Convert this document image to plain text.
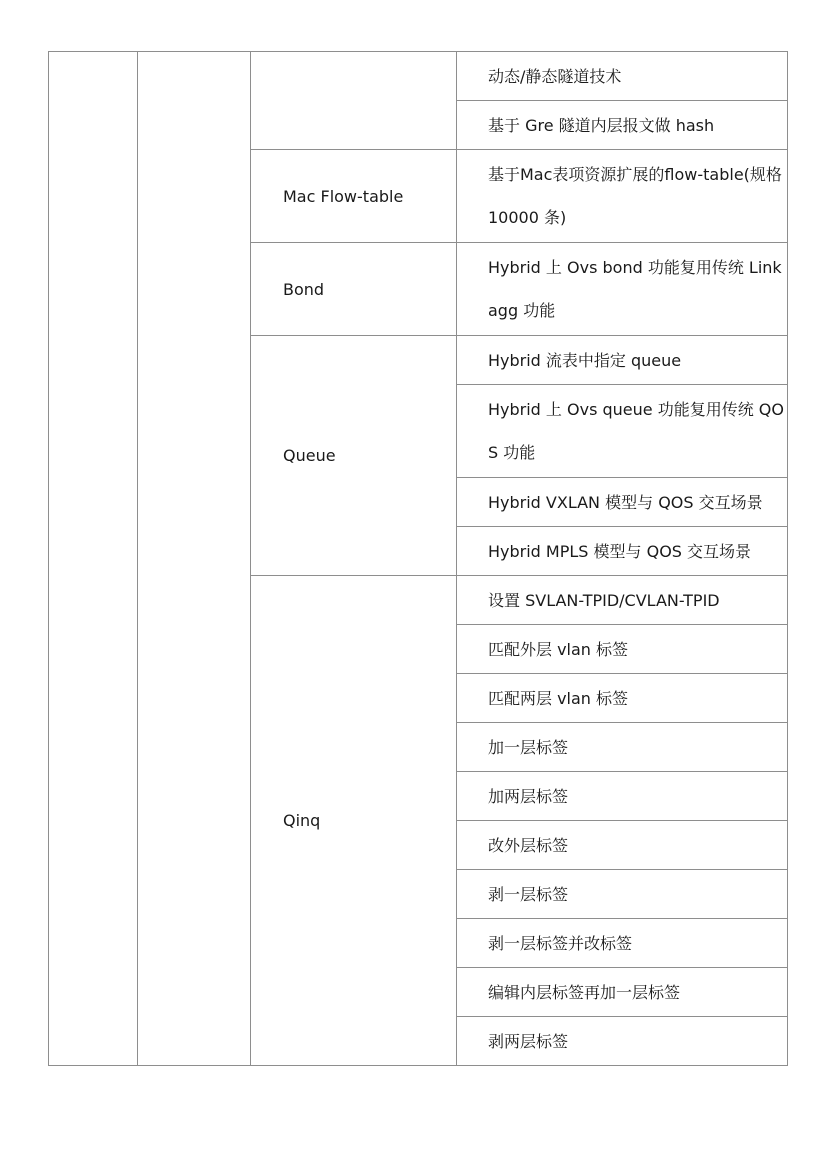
			动态/静态隧道技术
			基于 Gre 隧道内层报文做 hash
		Mac Flow-table	基于Mac表项资源扩展的flow-table(规格 10000 条)
		Bond	Hybrid 上 Ovs bond 功能复用传统 Linkagg 功能
		Queue	Hybrid 流表中指定 queue
			Hybrid 上 Ovs queue 功能复用传统 QOS 功能
			Hybrid VXLAN 模型与 QOS 交互场景
			Hybrid MPLS 模型与 QOS 交互场景
		Qinq	设置 SVLAN-TPID/CVLAN-TPID
			匹配外层 vlan 标签
			匹配两层 vlan 标签
			加一层标签
			加两层标签
			改外层标签
			剥一层标签
			剥一层标签并改标签
			编辑内层标签再加一层标签
			剥两层标签
